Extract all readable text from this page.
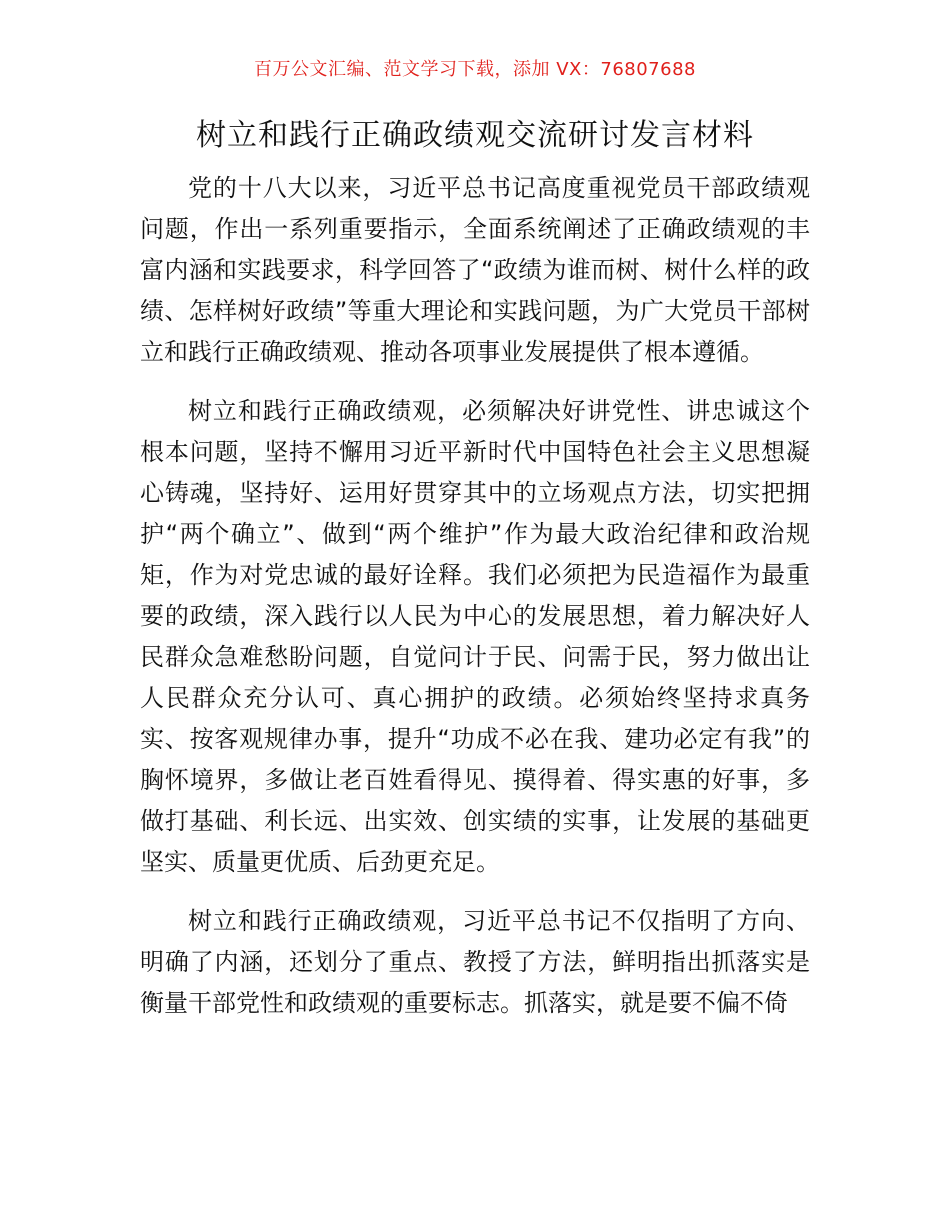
百万公文汇编、范文学习下载，添加 VX：76807688
树立和践行正确政绩观交流研讨发言材料

党的十八大以来，习近平总书记高度重视党员干部政绩观问题，作出一系列重要指示，全面系统阐述了正确政绩观的丰富内涵和实践要求，科学回答了“政绩为谁而树、树什么样的政绩、怎样树好政绩”等重大理论和实践问题，为广大党员干部树立和践行正确政绩观、推动各项事业发展提供了根本遵循。

树立和践行正确政绩观，必须解决好讲党性、讲忠诚这个根本问题，坚持不懈用习近平新时代中国特色社会主义思想凝心铸魂，坚持好、运用好贯穿其中的立场观点方法，切实把拥护“两个确立”、做到“两个维护”作为最大政治纪律和政治规矩，作为对党忠诚的最好诠释。我们必须把为民造福作为最重要的政绩，深入践行以人民为中心的发展思想，着力解决好人民群众急难愁盼问题，自觉问计于民、问需于民，努力做出让人民群众充分认可、真心拥护的政绩。必须始终坚持求真务实、按客观规律办事，提升“功成不必在我、建功必定有我”的胸怀境界，多做让老百姓看得见、摸得着、得实惠的好事，多做打基础、利长远、出实效、创实绩的实事，让发展的基础更坚实、质量更优质、后劲更充足。

树立和践行正确政绩观，习近平总书记不仅指明了方向、明确了内涵，还划分了重点、教授了方法，鲜明指出抓落实是衡量干部党性和政绩观的重要标志。抓落实，就是要不偏不倚
